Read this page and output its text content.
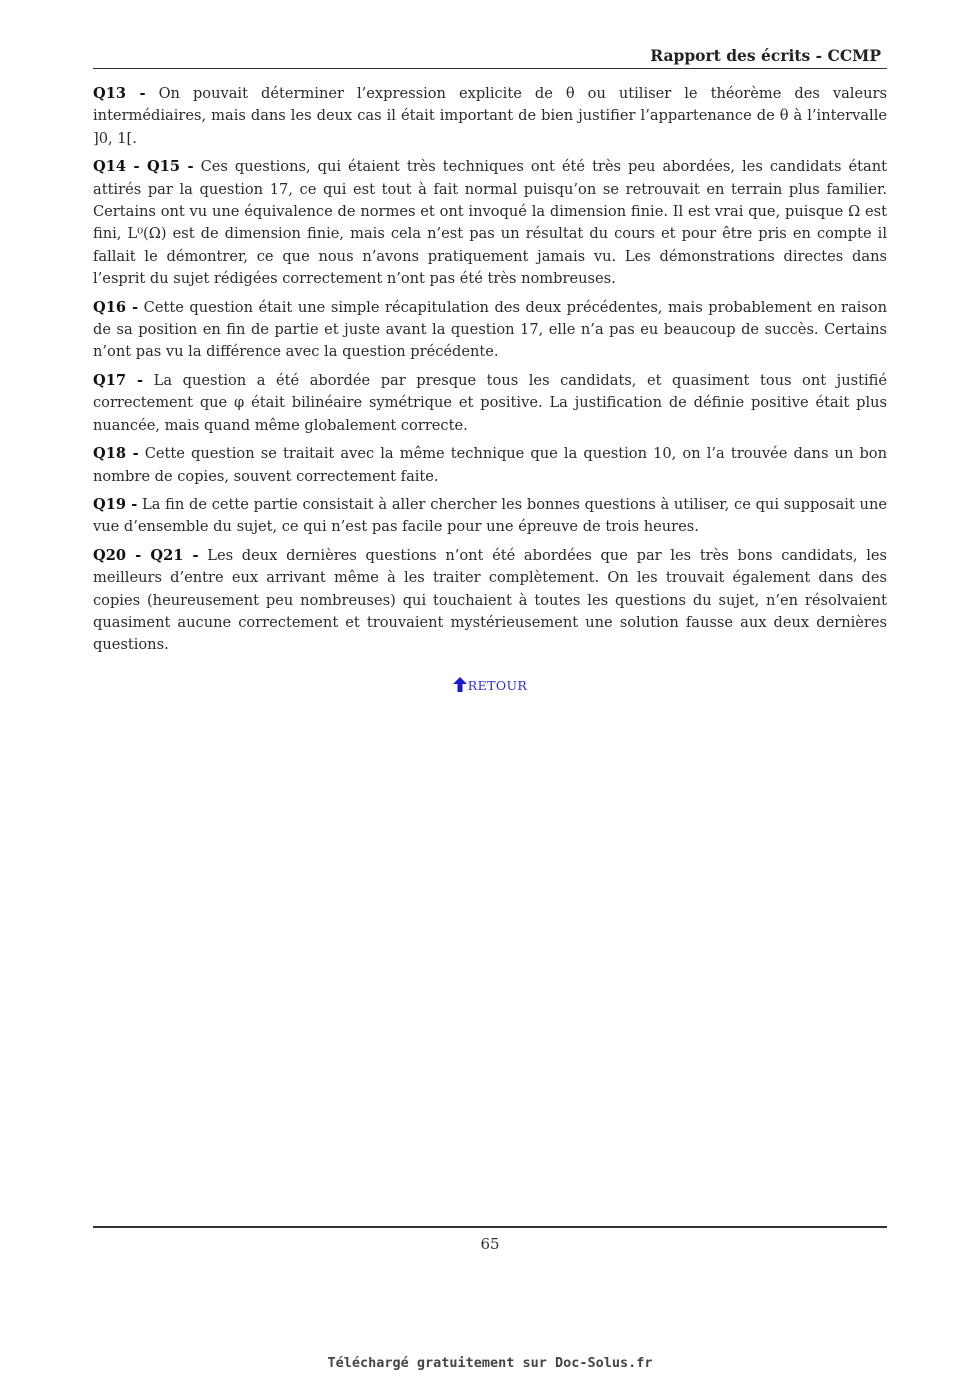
Rapport des écrits - CCMP

Q13 - On pouvait déterminer l’expression explicite de θ ou utiliser le théorème des valeurs intermédiaires, mais dans les deux cas il était important de bien justifier l’appartenance de θ à l’intervalle ]0, 1[.

Q14 - Q15 - Ces questions, qui étaient très techniques ont été très peu abordées, les candidats étant attirés par la question 17, ce qui est tout à fait normal puisqu’on se retrouvait en terrain plus familier. Certains ont vu une équivalence de normes et ont invoqué la dimension finie. Il est vrai que, puisque Ω est fini, L⁰(Ω) est de dimension finie, mais cela n’est pas un résultat du cours et pour être pris en compte il fallait le démontrer, ce que nous n’avons pratiquement jamais vu. Les démonstrations directes dans l’esprit du sujet rédigées correctement n’ont pas été très nombreuses.

Q16 - Cette question était une simple récapitulation des deux précédentes, mais probablement en raison de sa position en fin de partie et juste avant la question 17, elle n’a pas eu beaucoup de succès. Certains n’ont pas vu la différence avec la question précédente.

Q17 - La question a été abordée par presque tous les candidats, et quasiment tous ont justifié correctement que φ était bilinéaire symétrique et positive. La justification de définie positive était plus nuancée, mais quand même globalement correcte.

Q18 - Cette question se traitait avec la même technique que la question 10, on l’a trouvée dans un bon nombre de copies, souvent correctement faite.

Q19 - La fin de cette partie consistait à aller chercher les bonnes questions à utiliser, ce qui supposait une vue d’ensemble du sujet, ce qui n’est pas facile pour une épreuve de trois heures.

Q20 - Q21 - Les deux dernières questions n’ont été abordées que par les très bons candidats, les meilleurs d’entre eux arrivant même à les traiter complètement. On les trouvait également dans des copies (heureusement peu nombreuses) qui touchaient à toutes les questions du sujet, n’en résolvaient quasiment aucune correctement et trouvaient mystérieusement une solution fausse aux deux dernières questions.

RETOUR
65
Téléchargé gratuitement sur Doc-Solus.fr
